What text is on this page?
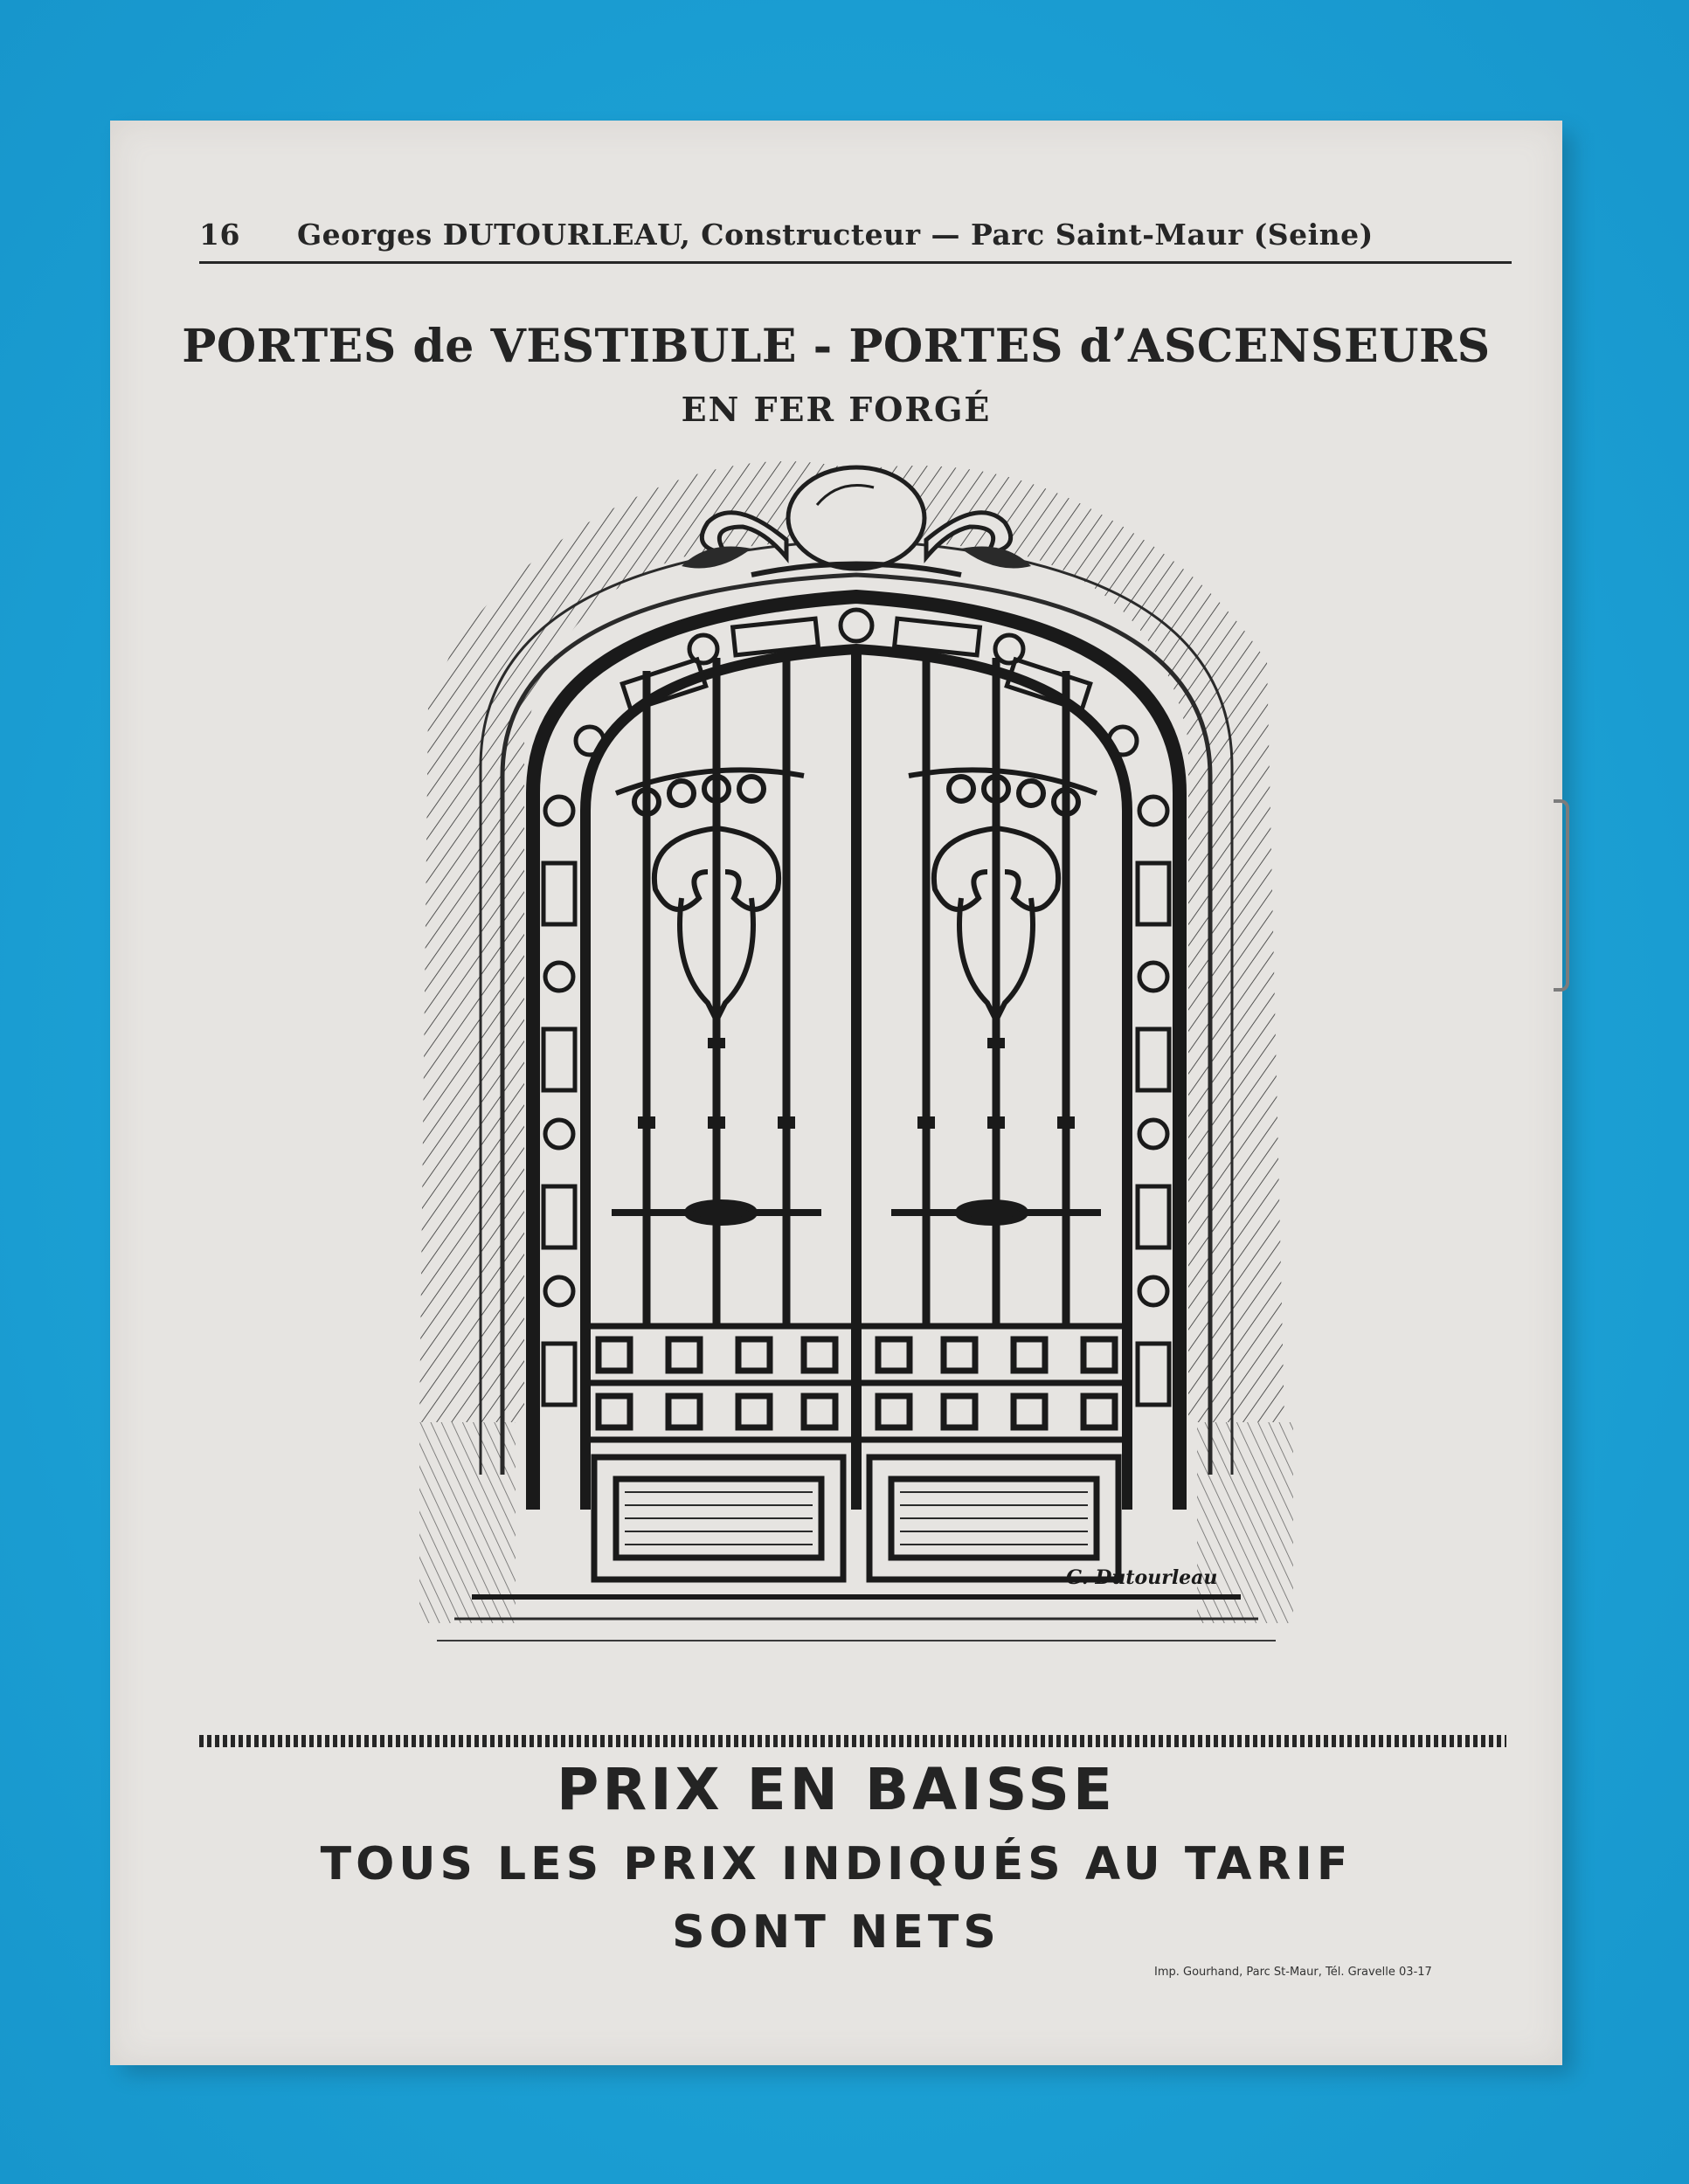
16 Georges DUTOURLEAU, Constructeur — Parc Saint-Maur (Seine)
PORTES de VESTIBULE - PORTES d’ASCENSEURS
EN FER FORGÉ
G. Dutourleau
PRIX EN BAISSE
TOUS LES PRIX INDIQUÉS AU TARIF
SONT NETS
Imp. Gourhand, Parc St-Maur, Tél. Gravelle 03-17
